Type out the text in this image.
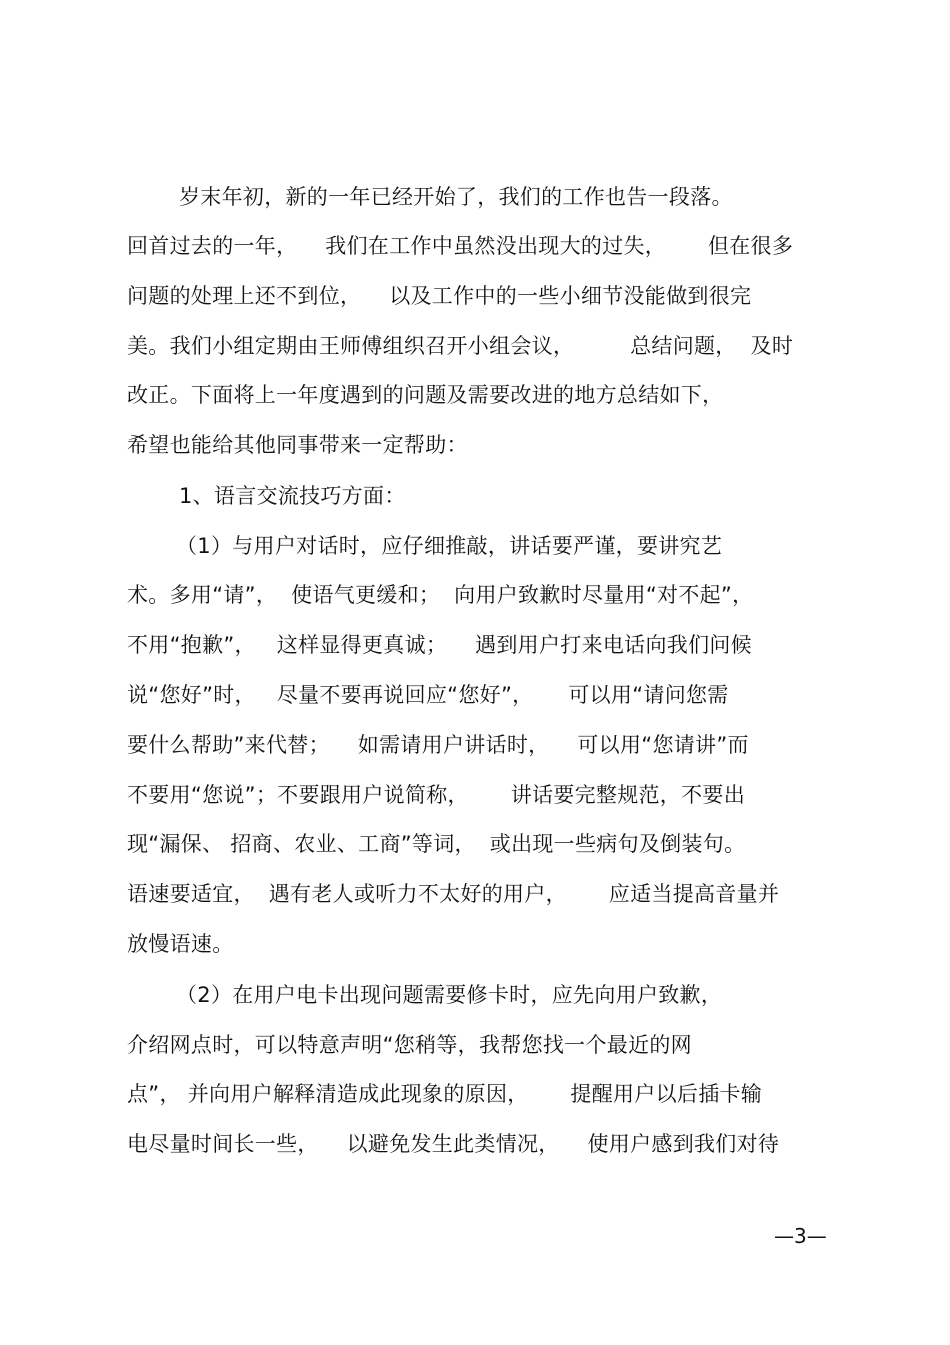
岁末年初，新的一年已经开始了，我们的工作也告一段落。
回首过去的一年，    我们在工作中虽然没出现大的过失，      但在很多
问题的处理上还不到位，    以及工作中的一些小细节没能做到很完
美。我们小组定期由王师傅组织召开小组会议，        总结问题，  及时
改正。下面将上一年度遇到的问题及需要改进的地方总结如下，
希望也能给其他同事带来一定帮助：
1、语言交流技巧方面：
（1）与用户对话时，应仔细推敲，讲话要严谨，要讲究艺
术。多用“请”，  使语气更缓和；  向用户致歉时尽量用“对不起”，
不用“抱歉”，   这样显得更真诚；    遇到用户打来电话向我们问候
说“您好”时，   尽量不要再说回应“您好”，     可以用“请问您需
要什么帮助”来代替；    如需请用户讲话时，    可以用“您请讲”而
不要用“您说”；不要跟用户说简称，      讲话要完整规范，不要出
现“漏保、 招商、农业、工商”等词，  或出现一些病句及倒装句。
语速要适宜，  遇有老人或听力不太好的用户，      应适当提高音量并
放慢语速。
（2）在用户电卡出现问题需要修卡时，应先向用户致歉，
介绍网点时，可以特意声明“您稍等，我帮您找一个最近的网
点”， 并向用户解释清造成此现象的原因，      提醒用户以后插卡输
电尽量时间长一些，    以避免发生此类情况，    使用户感到我们对待
—3—
